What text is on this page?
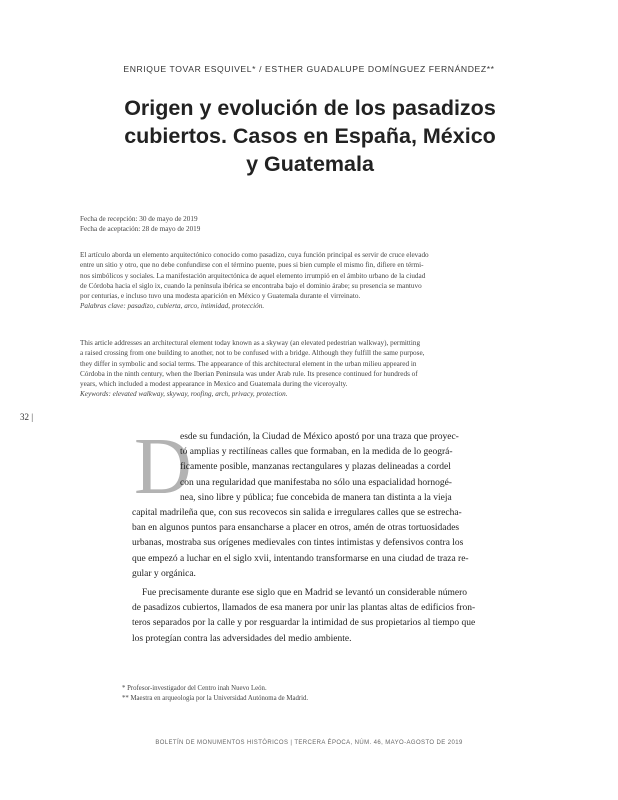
ENRIQUE TOVAR ESQUIVEL* / ESTHER GUADALUPE DOMÍNGUEZ FERNÁNDEZ**
Origen y evolución de los pasadizos
cubiertos. Casos en España, México
y Guatemala
Fecha de recepción: 30 de mayo de 2019
Fecha de aceptación: 28 de mayo de 2019
El artículo aborda un elemento arquitectónico conocido como pasadizo, cuya función principal es servir de cruce elevado
entre un sitio y otro, que no debe confundirse con el término puente, pues si bien cumple el mismo fin, difiere en térmi-
nos simbólicos y sociales. La manifestación arquitectónica de aquel elemento irrumpió en el ámbito urbano de la ciudad
de Córdoba hacia el siglo ix, cuando la península ibérica se encontraba bajo el dominio árabe; su presencia se mantuvo
por centurias, e incluso tuvo una modesta aparición en México y Guatemala durante el virreinato.
Palabras clave: pasadizo, cubierta, arco, intimidad, protección.
This article addresses an architectural element today known as a skyway (an elevated pedestrian walkway), permitting
a raised crossing from one building to another, not to be confused with a bridge. Although they fulfill the same purpose,
they differ in symbolic and social terms. The appearance of this architectural element in the urban milieu appeared in
Córdoba in the ninth century, when the Iberian Peninsula was under Arab rule. Its presence continued for hundreds of
years, which included a modest appearance in Mexico and Guatemala during the viceroyalty.
Keywords: elevated walkway, skyway, roofing, arch, privacy, protection.
32 |
D
esde su fundación, la Ciudad de México apostó por una traza que proyec-
tó amplias y rectilíneas calles que formaban, en la medida de lo geográ-
ficamente posible, manzanas rectangulares y plazas delineadas a cordel
con una regularidad que manifestaba no sólo una espacialidad hornogé-
nea, sino libre y pública; fue concebida de manera tan distinta a la vieja
capital madrileña que, con sus recovecos sin salida e irregulares calles que se estrecha-
ban en algunos puntos para ensancharse a placer en otros, amén de otras tortuosidades
urbanas, mostraba sus orígenes medievales con tintes intimistas y defensivos contra los
que empezó a luchar en el siglo xvii, intentando transformarse en una ciudad de traza re-
gular y orgánica.
Fue precisamente durante ese siglo que en Madrid se levantó un considerable número
de pasadizos cubiertos, llamados de esa manera por unir las plantas altas de edificios fron-
teros separados por la calle y por resguardar la intimidad de sus propietarios al tiempo que
los protegían contra las adversidades del medio ambiente.
* Profesor-investigador del Centro inah Nuevo León.
** Maestra en arqueología por la Universidad Autónoma de Madrid.
BOLETÍN DE MONUMENTOS HISTÓRICOS | TERCERA ÉPOCA, NÚM. 46, MAYO-AGOSTO DE 2019
